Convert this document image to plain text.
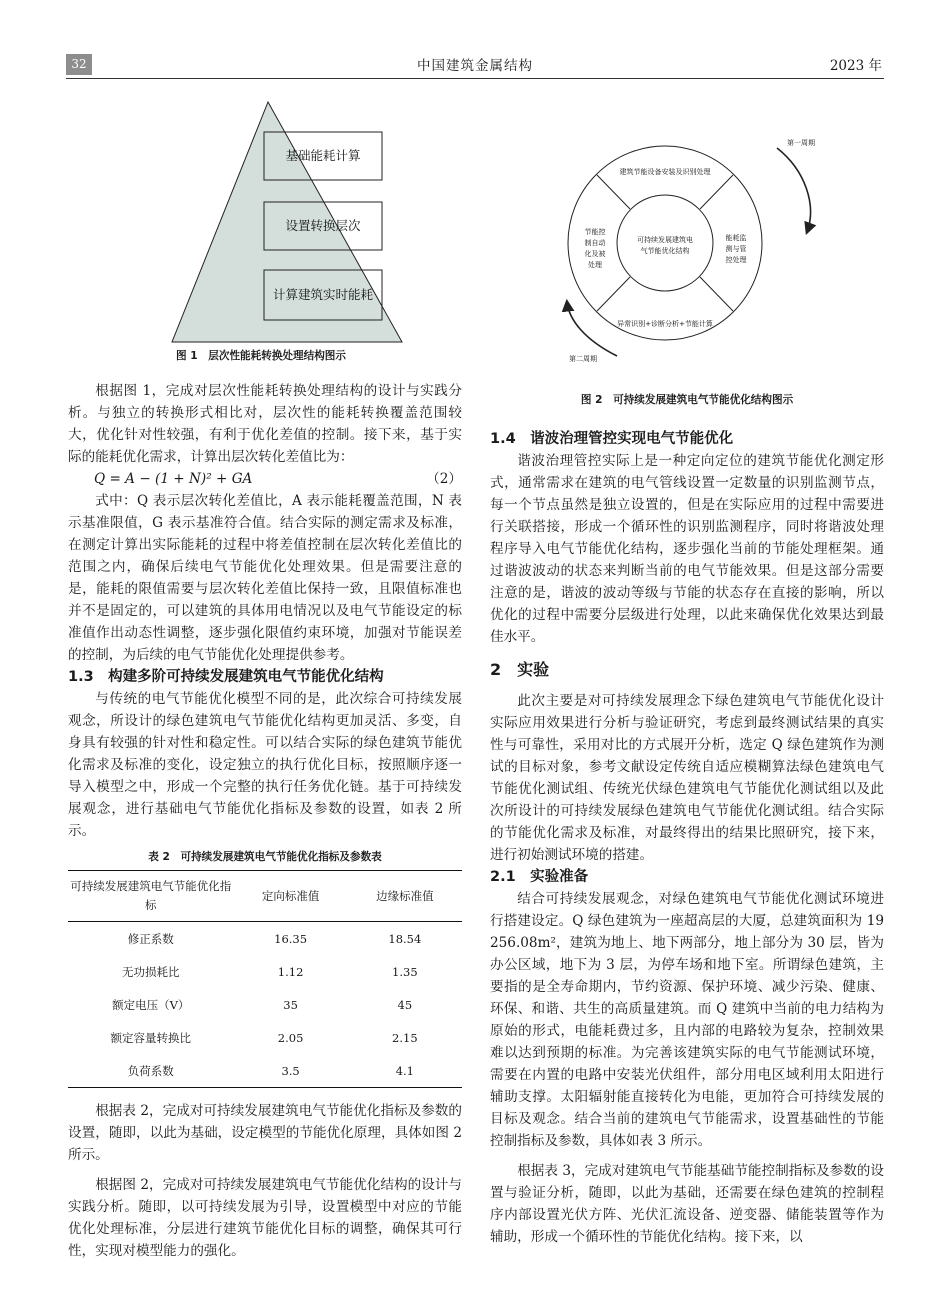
32	中国建筑金属结构	2023 年
基础能耗计算
设置转换层次
计算建筑实时能耗
图 1　层次性能耗转换处理结构图示
可持续发展建筑电
气节能优化结构
建筑节能设备安装及识别处理
异常识别+诊断分析+节能计算
节能控
制自动
化及被
处理
能耗监
测与管
控处理
第一周期
第二周期
图 2　可持续发展建筑电气节能优化结构图示

根据图 1，完成对层次性能耗转换处理结构的设计与实践分析。与独立的转换形式相比对，层次性的能耗转换覆盖范围较大，优化针对性较强，有利于优化差值的控制。接下来，基于实际的能耗优化需求，计算出层次转化差值比为：

Q = A − (1 + N)² + GA	（2）

式中：Q 表示层次转化差值比，A 表示能耗覆盖范围，N 表示基准限值，G 表示基准符合值。结合实际的测定需求及标准，在测定计算出实际能耗的过程中将差值控制在层次转化差值比的范围之内，确保后续电气节能优化处理效果。但是需要注意的是，能耗的限值需要与层次转化差值比保持一致，且限值标准也并不是固定的，可以建筑的具体用电情况以及电气节能设定的标准值作出动态性调整，逐步强化限值约束环境，加强对节能误差的控制，为后续的电气节能优化处理提供参考。

1.3　构建多阶可持续发展建筑电气节能优化结构

与传统的电气节能优化模型不同的是，此次综合可持续发展观念，所设计的绿色建筑电气节能优化结构更加灵活、多变，自身具有较强的针对性和稳定性。可以结合实际的绿色建筑节能优化需求及标准的变化，设定独立的执行优化目标，按照顺序逐一导入模型之中，形成一个完整的执行任务优化链。基于可持续发展观念，进行基础电气节能优化指标及参数的设置，如表 2 所示。

表 2　可持续发展建筑电气节能优化指标及参数表
可持续发展建筑电气节能优化指标	定向标准值	边缘标准值
修正系数	16.35	18.54
无功损耗比	1.12	1.35
额定电压（V）	35	45
额定容量转换比	2.05	2.15
负荷系数	3.5	4.1

根据表 2，完成对可持续发展建筑电气节能优化指标及参数的设置，随即，以此为基础，设定模型的节能优化原理，具体如图 2 所示。

根据图 2，完成对可持续发展建筑电气节能优化结构的设计与实践分析。随即，以可持续发展为引导，设置模型中对应的节能优化处理标准，分层进行建筑节能优化目标的调整，确保其可行性，实现对模型能力的强化。

1.4　谐波治理管控实现电气节能优化

谐波治理管控实际上是一种定向定位的建筑节能优化测定形式，通常需求在建筑的电气管线设置一定数量的识别监测节点，每一个节点虽然是独立设置的，但是在实际应用的过程中需要进行关联搭接，形成一个循环性的识别监测程序，同时将谐波处理程序导入电气节能优化结构，逐步强化当前的节能处理框架。通过谐波波动的状态来判断当前的电气节能效果。但是这部分需要注意的是，谐波的波动等级与节能的状态存在直接的影响，所以优化的过程中需要分层级进行处理，以此来确保优化效果达到最佳水平。

2　实验

此次主要是对可持续发展理念下绿色建筑电气节能优化设计实际应用效果进行分析与验证研究，考虑到最终测试结果的真实性与可靠性，采用对比的方式展开分析，选定 Q 绿色建筑作为测试的目标对象，参考文献设定传统自适应模糊算法绿色建筑电气节能优化测试组、传统光伏绿色建筑电气节能优化测试组以及此次所设计的可持续发展绿色建筑电气节能优化测试组。结合实际的节能优化需求及标准，对最终得出的结果比照研究，接下来，进行初始测试环境的搭建。

2.1　实验准备

结合可持续发展观念，对绿色建筑电气节能优化测试环境进行搭建设定。Q 绿色建筑为一座超高层的大厦，总建筑面积为 19 256.08m²，建筑为地上、地下两部分，地上部分为 30 层，皆为办公区域，地下为 3 层，为停车场和地下室。所谓绿色建筑，主要指的是全寿命期内，节约资源、保护环境、减少污染、健康、环保、和谐、共生的高质量建筑。而 Q 建筑中当前的电力结构为原始的形式，电能耗费过多，且内部的电路较为复杂，控制效果难以达到预期的标准。为完善该建筑实际的电气节能测试环境，需要在内置的电路中安装光伏组件，部分用电区域利用太阳进行辅助支撑。太阳辐射能直接转化为电能，更加符合可持续发展的目标及观念。结合当前的建筑电气节能需求，设置基础性的节能控制指标及参数，具体如表 3 所示。

根据表 3，完成对建筑电气节能基础节能控制指标及参数的设置与验证分析，随即，以此为基础，还需要在绿色建筑的控制程序内部设置光伏方阵、光伏汇流设备、逆变器、储能装置等作为辅助，形成一个循环性的节能优化结构。接下来，以
